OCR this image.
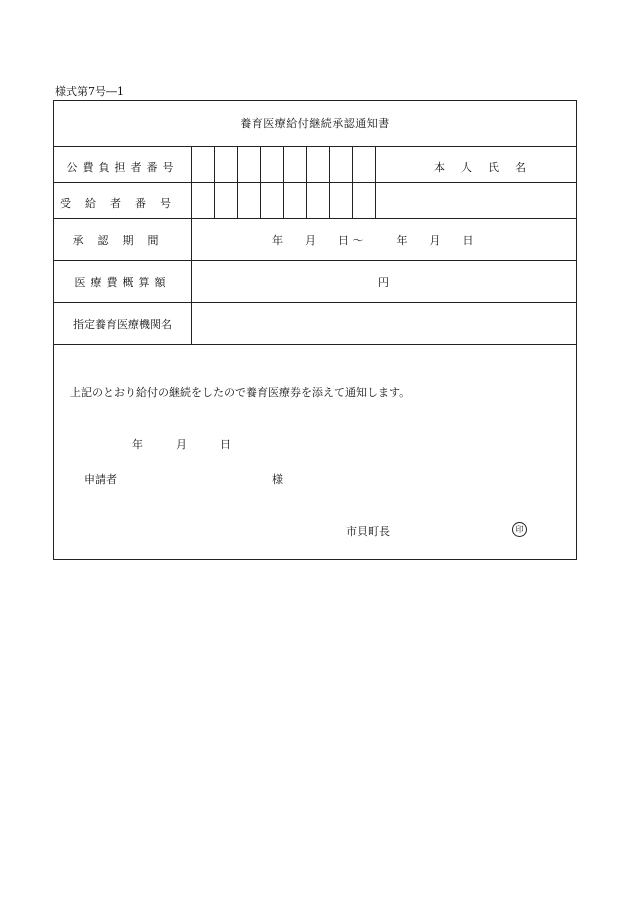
様式第7号―1
養育医療給付継続承認通知書
公費負担者番号	本人氏名
受給者番号
承認期間	年　　月　　日 〜　　　年　　月　　日
医療費概算額	円
指定養育医療機関名
上記のとおり給付の継続をしたので養育医療券を添えて通知します。
年　　　月　　　日
申請者	様
市貝町長	印
